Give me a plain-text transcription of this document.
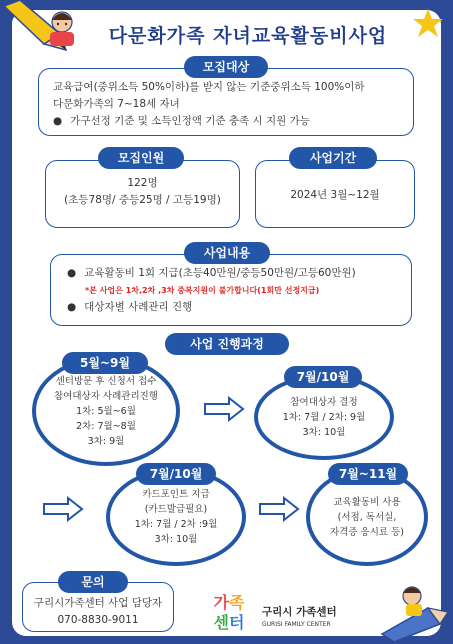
다문화가족 자녀교육활동비사업
교육급여(중위소득 50%이하)를 받지 않는 기준중위소득 100%이하
다문화가족의 7~18세 자녀
● 가구선정 기준 및 소득인정액 기준 충족 시 지원 가능
모집대상
122명
(초등78명/ 중등25명 / 고등19명)
모집인원
2024년 3월~12월
사업기간
● 교육활동비 1회 지급(초등40만원/중등50만원/고등60만원)
*본 사업은 1차,2차 ,3차 중복지원이 불가합니다(1회만 선정지급)
● 대상자별 사례관리 진행
사업내용
사업 진행과정
센터방문 후 신청서 접수
참여대상자 사례관리진행
1차: 5월~6월
2차: 7월~8월
3차: 9월
5월~9월
참여대상자 결정
1차: 7월 / 2차: 9월
3차: 10월
7월/10월
카드포인트 지급
(카드발급필요)
1차: 7월 / 2차 :9월
3차: 10월
7월/10월
교육활동비 사용
(서점, 독서실,
자격증 응시료 등)
7월~11월
구리시가족센터 사업 담당자
070-8830-9011
문의
가족
센터
구리시 가족센터
GURISI FAMILY CENTER
